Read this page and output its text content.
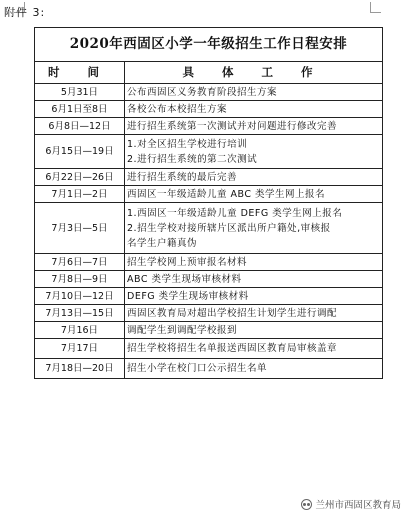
附件 3:
2020年西固区小学一年级招生工作日程安排	
时 间	具 体 工 作
5月31日	公布西固区义务教育阶段招生方案

6月1日至8日	各校公布本校招生方案

6月8日—12日	进行招生系统第一次测试并对问题进行修改完善

6月15日—19日	1.对全区招生学校进行培训
2.进行招生系统的第二次测试

6月22日—26日	进行招生系统的最后完善

7月1日—2日	西固区一年级适龄儿童 ABC 类学生网上报名

7月3日—5日	1.西固区一年级适龄儿童 DEFG 类学生网上报名
2.招生学校对接所辖片区派出所户籍处,审核报
名学生户籍真伪

7月6日—7日	招生学校网上预审报名材料

7月8日—9日	ABC 类学生现场审核材料

7月10日—12日	DEFG 类学生现场审核材料

7月13日—15日	西固区教育局对超出学校招生计划学生进行调配

7月16日	调配学生到调配学校报到

7月17日	招生学校将招生名单报送西固区教育局审核盖章

7月18日—20日	招生小学在校门口公示招生名单
兰州市西固区教育局
